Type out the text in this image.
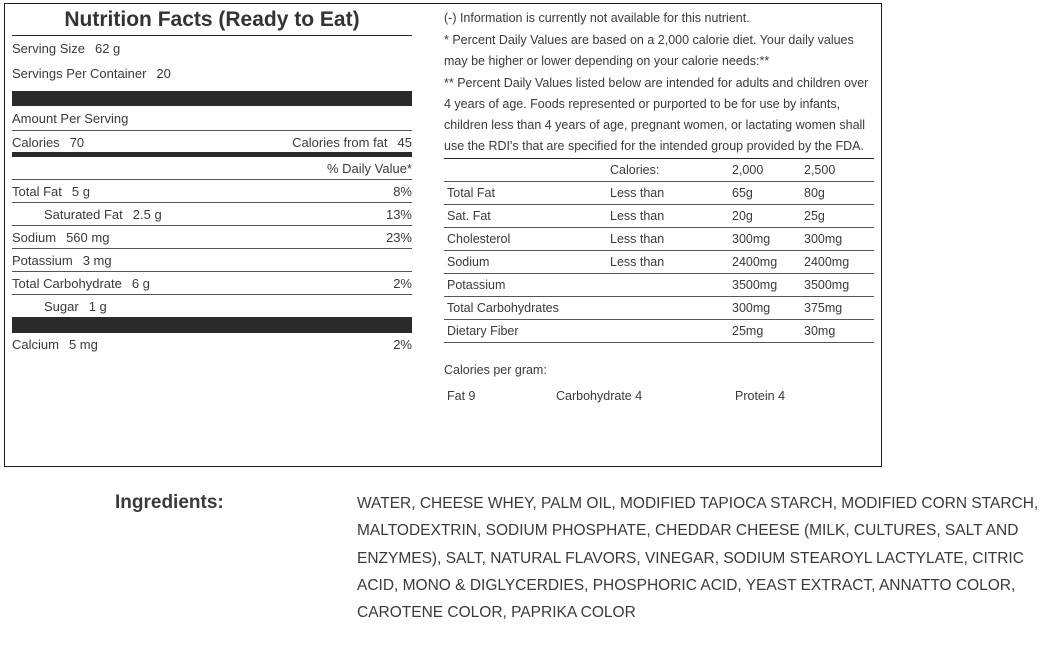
Nutrition Facts (Ready to Eat)
Serving Size 62 g
Servings Per Container 20
Amount Per Serving
Calories 70	Calories from fat 45
% Daily Value*
Total Fat 5 g	8%
Saturated Fat 2.5 g	13%
Sodium 560 mg	23%
Potassium 3 mg
Total Carbohydrate 6 g	2%
Sugar 1 g
Calcium 5 mg	2%

(-) Information is currently not available for this nutrient.

* Percent Daily Values are based on a 2,000 calorie diet. Your daily values may be higher or lower depending on your calorie needs:**

** Percent Daily Values listed below are intended for adults and children over 4 years of age. Foods represented or purported to be for use by infants, children less than 4 years of age, pregnant women, or lactating women shall use the RDI's that are specified for the intended group provided by the FDA.

	Calories:	2,000	2,500
Total Fat	Less than	65g	80g
Sat. Fat	Less than	20g	25g
Cholesterol	Less than	300mg	300mg
Sodium	Less than	2400mg	2400mg
Potassium		3500mg	3500mg
Total Carbohydrates		300mg	375mg
Dietary Fiber		25mg	30mg
Calories per gram:
Fat 9	Carbohydrate 4	Protein 4
Ingredients:	WATER, CHEESE WHEY, PALM OIL, MODIFIED TAPIOCA STARCH, MODIFIED CORN STARCH, MALTODEXTRIN, SODIUM PHOSPHATE, CHEDDAR CHEESE (MILK, CULTURES, SALT AND ENZYMES), SALT, NATURAL FLAVORS, VINEGAR, SODIUM STEAROYL LACTYLATE, CITRIC ACID, MONO & DIGLYCERDIES, PHOSPHORIC ACID, YEAST EXTRACT, ANNATTO COLOR, CAROTENE COLOR, PAPRIKA COLOR
